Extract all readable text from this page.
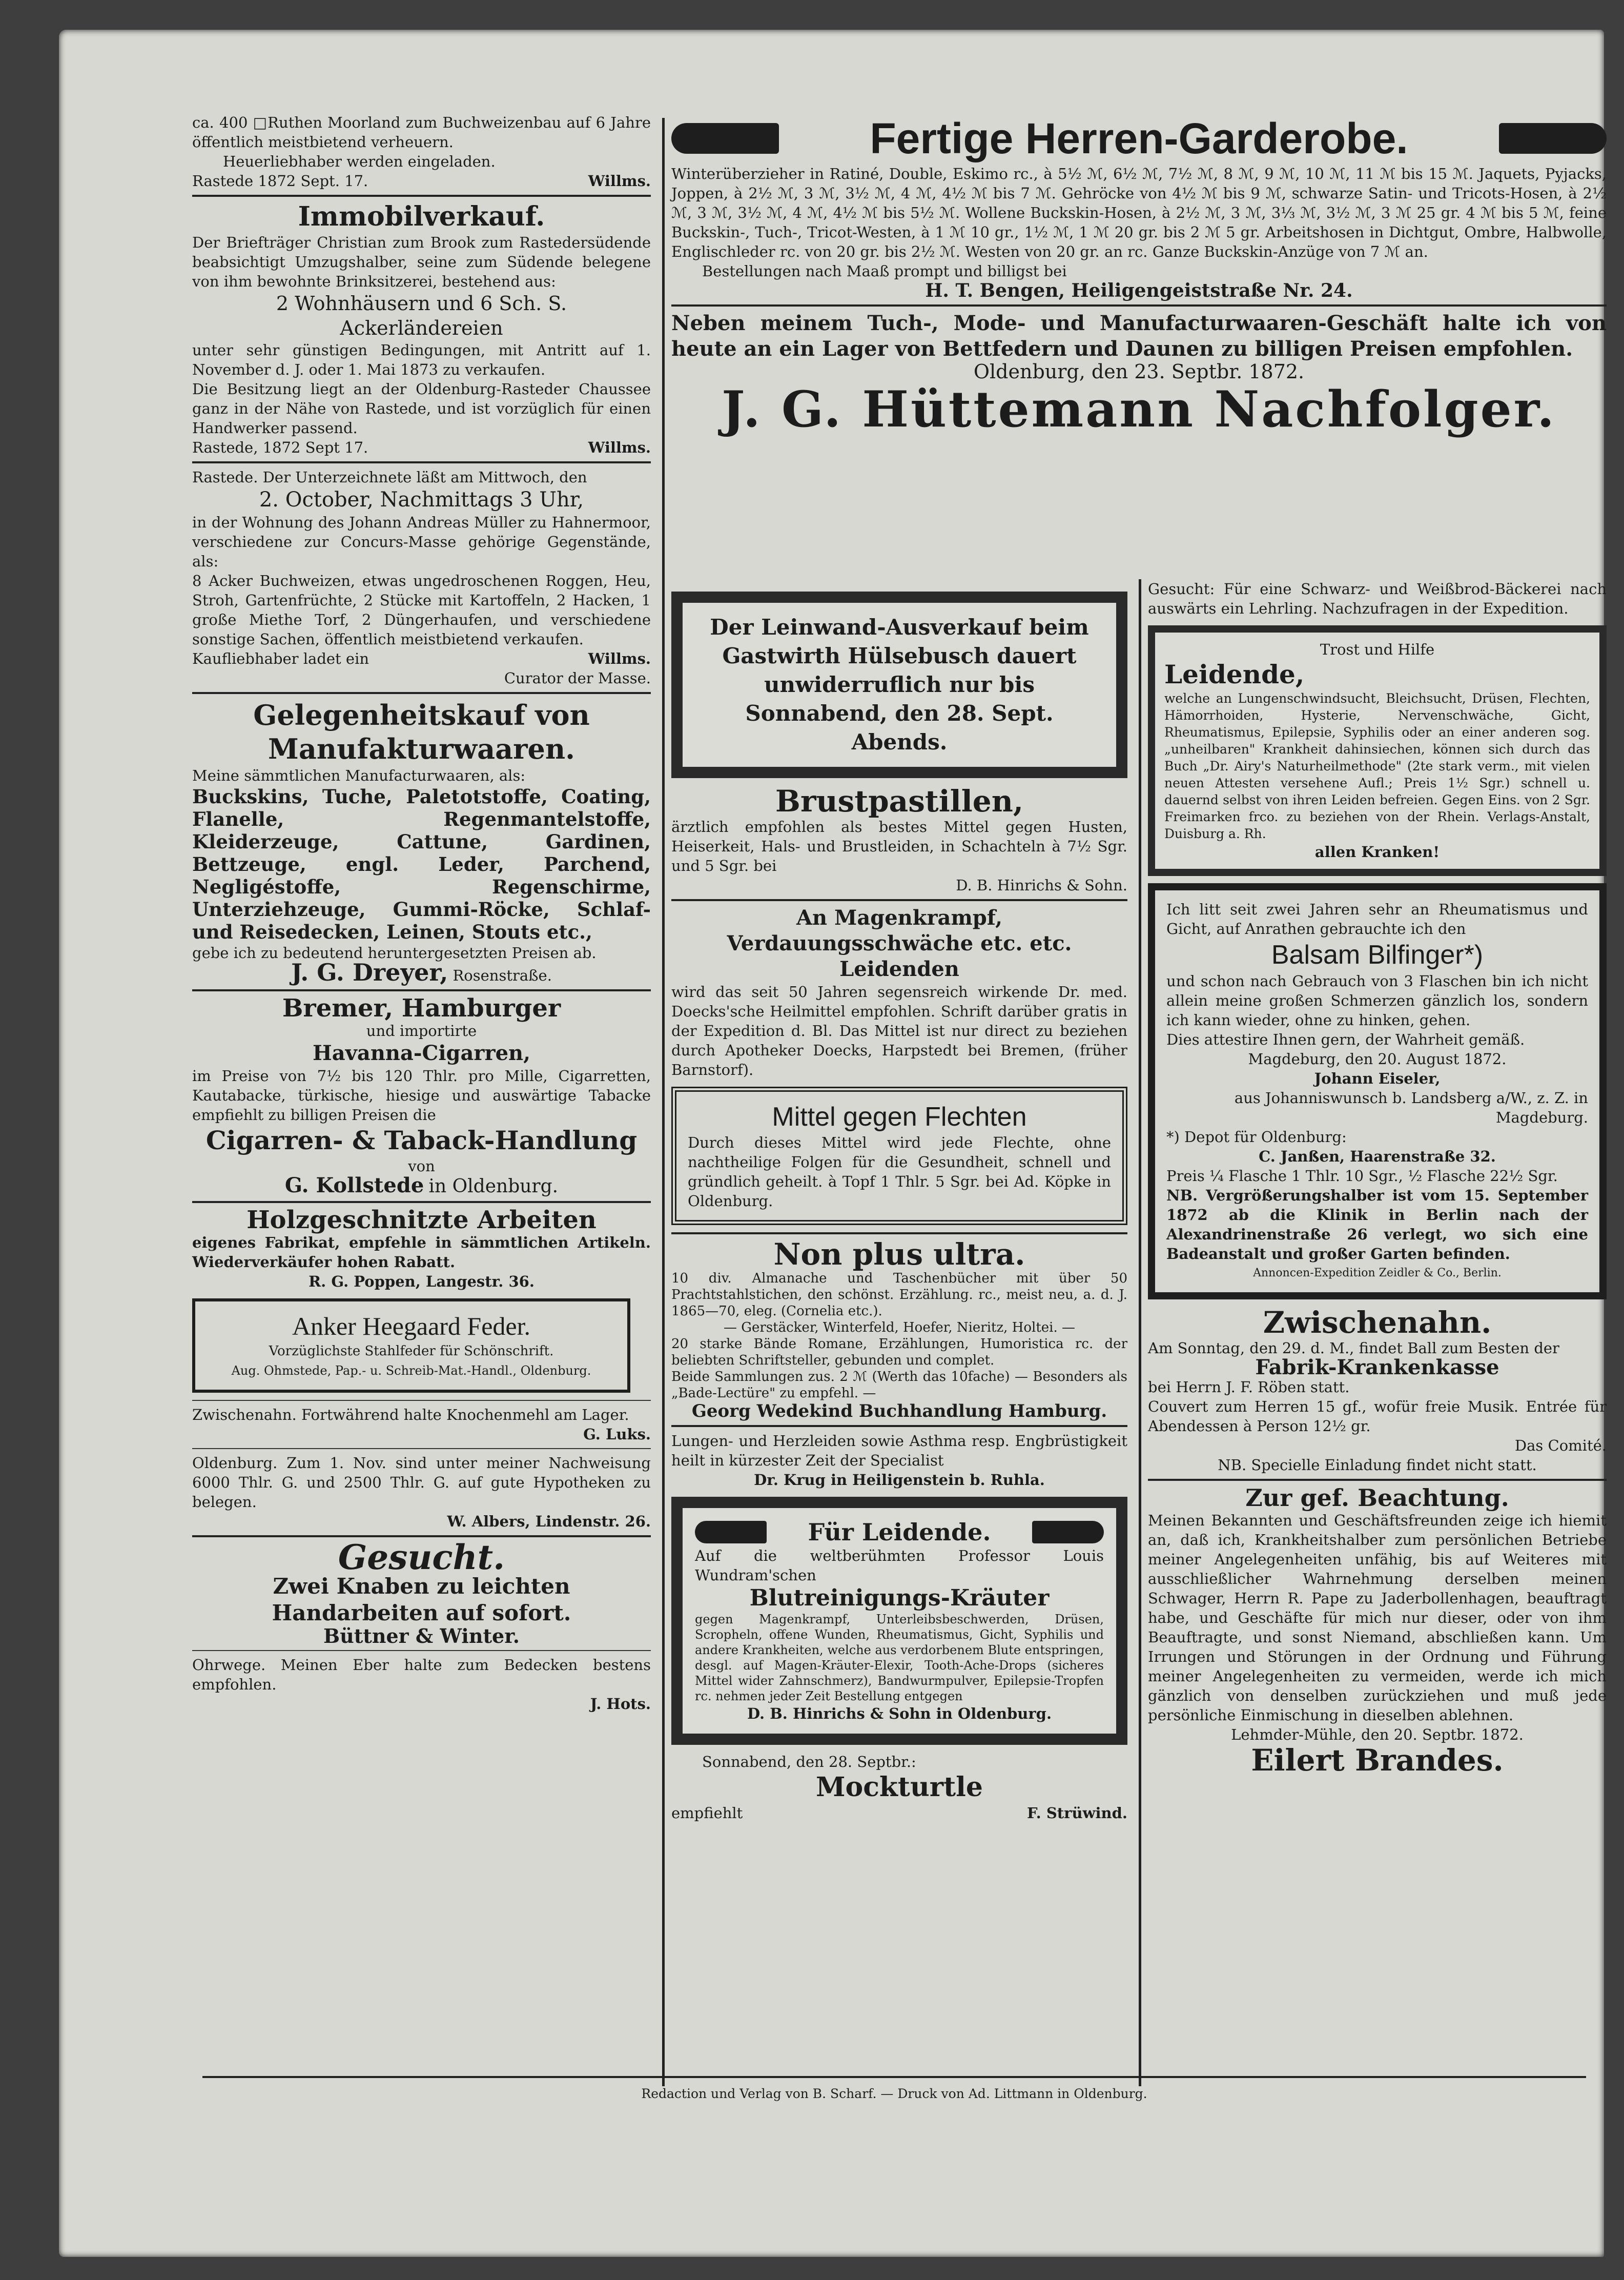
ca. 400 □Ruthen Moorland zum Buchweizenbau auf 6 Jahre öffentlich meistbietend verheuern.

Heuerliebhaber werden eingeladen.

Rastede 1872 Sept. 17.	Willms.

Immobilverkauf.

Der Briefträger Christian zum Brook zum Rastedersüdende beabsichtigt Umzugshalber, seine zum Südende belegene von ihm bewohnte Brinksitzerei, bestehend aus:

2 Wohnhäusern und 6 Sch. S. Ackerländereien

unter sehr günstigen Bedingungen, mit Antritt auf 1. November d. J. oder 1. Mai 1873 zu verkaufen.

Die Besitzung liegt an der Oldenburg-Rasteder Chaussee ganz in der Nähe von Rastede, und ist vorzüglich für einen Handwerker passend.

Rastede, 1872 Sept 17.	Willms.

Rastede. Der Unterzeichnete läßt am Mittwoch, den

2. October, Nachmittags 3 Uhr,

in der Wohnung des Johann Andreas Müller zu Hahnermoor, verschiedene zur Concurs-Masse gehörige Gegenstände, als:

8 Acker Buchweizen, etwas ungedroschenen Roggen, Heu, Stroh, Gartenfrüchte, 2 Stücke mit Kartoffeln, 2 Hacken, 1 große Miethe Torf, 2 Düngerhaufen, und verschiedene sonstige Sachen, öffentlich meistbietend verkaufen.

Kaufliebhaber ladet ein	Willms.

Curator der Masse.

Gelegenheitskauf von Manufakturwaaren.

Meine sämmtlichen Manufacturwaaren, als:

Buckskins, Tuche, Paletotstoffe, Coating, Flanelle, Regenmantelstoffe, Kleiderzeuge, Cattune, Gardinen, Bettzeuge, engl. Leder, Parchend, Negligéstoffe, Regenschirme, Unterziehzeuge, Gummi-Röcke, Schlaf- und Reisedecken, Leinen, Stouts etc.,

gebe ich zu bedeutend heruntergesetzten Preisen ab.

J. G. Dreyer, Rosenstraße.

Bremer, Hamburger

und importirte

Havanna-Cigarren,

im Preise von 7½ bis 120 Thlr. pro Mille, Cigarretten, Kautabacke, türkische, hiesige und auswärtige Tabacke empfiehlt zu billigen Preisen die

Cigarren- & Taback-Handlung

von

G. Kollstede in Oldenburg.

Holzgeschnitzte Arbeiten

eigenes Fabrikat, empfehle in sämmtlichen Artikeln. Wiederverkäufer hohen Rabatt.

R. G. Poppen, Langestr. 36.

Anker Heegaard Feder.

Vorzüglichste Stahlfeder für Schönschrift.

Aug. Ohmstede, Pap.- u. Schreib-Mat.-Handl., Oldenburg.

Zwischenahn. Fortwährend halte Knochenmehl am Lager.

G. Luks.

Oldenburg. Zum 1. Nov. sind unter meiner Nachweisung 6000 Thlr. G. und 2500 Thlr. G. auf gute Hypotheken zu belegen.

W. Albers, Lindenstr. 26.

Gesucht.

Zwei Knaben zu leichten Handarbeiten auf sofort.

Büttner & Winter.

Ohrwege. Meinen Eber halte zum Bedecken bestens empfohlen.

J. Hots.

Fertige Herren-Garderobe.

Winterüberzieher in Ratiné, Double, Eskimo rc., à 5½ ℳ, 6½ ℳ, 7½ ℳ, 8 ℳ, 9 ℳ, 10 ℳ, 11 ℳ bis 15 ℳ. Jaquets, Pyjacks, Joppen, à 2½ ℳ, 3 ℳ, 3½ ℳ, 4 ℳ, 4½ ℳ bis 7 ℳ. Gehröcke von 4½ ℳ bis 9 ℳ, schwarze Satin- und Tricots-Hosen, à 2½ ℳ, 3 ℳ, 3½ ℳ, 4 ℳ, 4½ ℳ bis 5½ ℳ. Wollene Buckskin-Hosen, à 2½ ℳ, 3 ℳ, 3⅓ ℳ, 3½ ℳ, 3 ℳ 25 gr. 4 ℳ bis 5 ℳ, feine Buckskin-, Tuch-, Tricot-Westen, à 1 ℳ 10 gr., 1½ ℳ, 1 ℳ 20 gr. bis 2 ℳ 5 gr. Arbeitshosen in Dichtgut, Ombre, Halbwolle, Englischleder rc. von 20 gr. bis 2½ ℳ. Westen von 20 gr. an rc. Ganze Buckskin-Anzüge von 7 ℳ an.

Bestellungen nach Maaß prompt und billigst bei

H. T. Bengen, Heiligengeiststraße Nr. 24.

Neben meinem Tuch-, Mode- und Manufacturwaaren-Geschäft halte ich von heute an ein Lager von Bettfedern und Daunen zu billigen Preisen empfohlen.

Oldenburg, den 23. Septbr. 1872.

J. G. Hüttemann Nachfolger.

Der Leinwand-Ausverkauf beim Gastwirth Hülsebusch dauert unwiderruflich nur bis Sonnabend, den 28. Sept. Abends.

Brustpastillen,

ärztlich empfohlen als bestes Mittel gegen Husten, Heiserkeit, Hals- und Brustleiden, in Schachteln à 7½ Sgr. und 5 Sgr. bei

D. B. Hinrichs & Sohn.

An Magenkrampf, Verdauungsschwäche etc. etc. Leidenden

wird das seit 50 Jahren segensreich wirkende Dr. med. Doecks'sche Heilmittel empfohlen. Schrift darüber gratis in der Expedition d. Bl. Das Mittel ist nur direct zu beziehen durch Apotheker Doecks, Harpstedt bei Bremen, (früher Barnstorf).

Mittel gegen Flechten

Durch dieses Mittel wird jede Flechte, ohne nachtheilige Folgen für die Gesundheit, schnell und gründlich geheilt. à Topf 1 Thlr. 5 Sgr. bei Ad. Köpke in Oldenburg.

Non plus ultra.

10 div. Almanache und Taschenbücher mit über 50 Prachtstahlstichen, den schönst. Erzählung. rc., meist neu, a. d. J. 1865—70, eleg. (Cornelia etc.).

— Gerstäcker, Winterfeld, Hoefer, Nieritz, Holtei. —

20 starke Bände Romane, Erzählungen, Humoristica rc. der beliebten Schriftsteller, gebunden und complet.

Beide Sammlungen zus. 2 ℳ (Werth das 10fache) — Besonders als „Bade-Lectüre" zu empfehl. —

Georg Wedekind Buchhandlung Hamburg.

Lungen- und Herzleiden sowie Asthma resp. Engbrüstigkeit heilt in kürzester Zeit der Specialist

Dr. Krug in Heiligenstein b. Ruhla.

Für Leidende.

Auf die weltberühmten Professor Louis Wundram'schen

Blutreinigungs-Kräuter

gegen Magenkrampf, Unterleibsbeschwerden, Drüsen, Scropheln, offene Wunden, Rheumatismus, Gicht, Syphilis und andere Krankheiten, welche aus verdorbenem Blute entspringen, desgl. auf Magen-Kräuter-Elexir, Tooth-Ache-Drops (sicheres Mittel wider Zahnschmerz), Bandwurmpulver, Epilepsie-Tropfen rc. nehmen jeder Zeit Bestellung entgegen

D. B. Hinrichs & Sohn in Oldenburg.

Sonnabend, den 28. Septbr.:

Mockturtle

empfiehlt	F. Strüwind.

Gesucht: Für eine Schwarz- und Weißbrod-Bäckerei nach auswärts ein Lehrling. Nachzufragen in der Expedition.

Trost und Hilfe

Leidende,

welche an Lungenschwindsucht, Bleichsucht, Drüsen, Flechten, Hämorrhoiden, Hysterie, Nervenschwäche, Gicht, Rheumatismus, Epilepsie, Syphilis oder an einer anderen sog. „unheilbaren" Krankheit dahinsiechen, können sich durch das Buch „Dr. Airy's Naturheilmethode" (2te stark verm., mit vielen neuen Attesten versehene Aufl.; Preis 1½ Sgr.) schnell u. dauernd selbst von ihren Leiden befreien. Gegen Eins. von 2 Sgr. Freimarken frco. zu beziehen von der Rhein. Verlags-Anstalt, Duisburg a. Rh.

allen Kranken!

Ich litt seit zwei Jahren sehr an Rheumatismus und Gicht, auf Anrathen gebrauchte ich den

Balsam Bilfinger*)

und schon nach Gebrauch von 3 Flaschen bin ich nicht allein meine großen Schmerzen gänzlich los, sondern ich kann wieder, ohne zu hinken, gehen.

Dies attestire Ihnen gern, der Wahrheit gemäß.

Magdeburg, den 20. August 1872.

Johann Eiseler,

aus Johanniswunsch b. Landsberg a/W., z. Z. in Magdeburg.

*) Depot für Oldenburg:

C. Janßen, Haarenstraße 32.

Preis ¼ Flasche 1 Thlr. 10 Sgr., ½ Flasche 22½ Sgr.

NB. Vergrößerungshalber ist vom 15. September 1872 ab die Klinik in Berlin nach der Alexandrinenstraße 26 verlegt, wo sich eine Badeanstalt und großer Garten befinden.

Annoncen-Expedition Zeidler & Co., Berlin.

Zwischenahn.

Am Sonntag, den 29. d. M., findet Ball zum Besten der

Fabrik-Krankenkasse

bei Herrn J. F. Röben statt.

Couvert zum Herren 15 gf., wofür freie Musik. Entrée für Abendessen à Person 12½ gr.

Das Comité.

NB. Specielle Einladung findet nicht statt.

Zur gef. Beachtung.

Meinen Bekannten und Geschäftsfreunden zeige ich hiemit an, daß ich, Krankheitshalber zum persönlichen Betriebe meiner Angelegenheiten unfähig, bis auf Weiteres mit ausschließlicher Wahrnehmung derselben meinen Schwager, Herrn R. Pape zu Jaderbollenhagen, beauftragt habe, und Geschäfte für mich nur dieser, oder von ihm Beauftragte, und sonst Niemand, abschließen kann. Um Irrungen und Störungen in der Ordnung und Führung meiner Angelegenheiten zu vermeiden, werde ich mich gänzlich von denselben zurückziehen und muß jede persönliche Einmischung in dieselben ablehnen.

Lehmder-Mühle, den 20. Septbr. 1872.

Eilert Brandes.

Redaction und Verlag von B. Scharf. — Druck von Ad. Littmann in Oldenburg.
